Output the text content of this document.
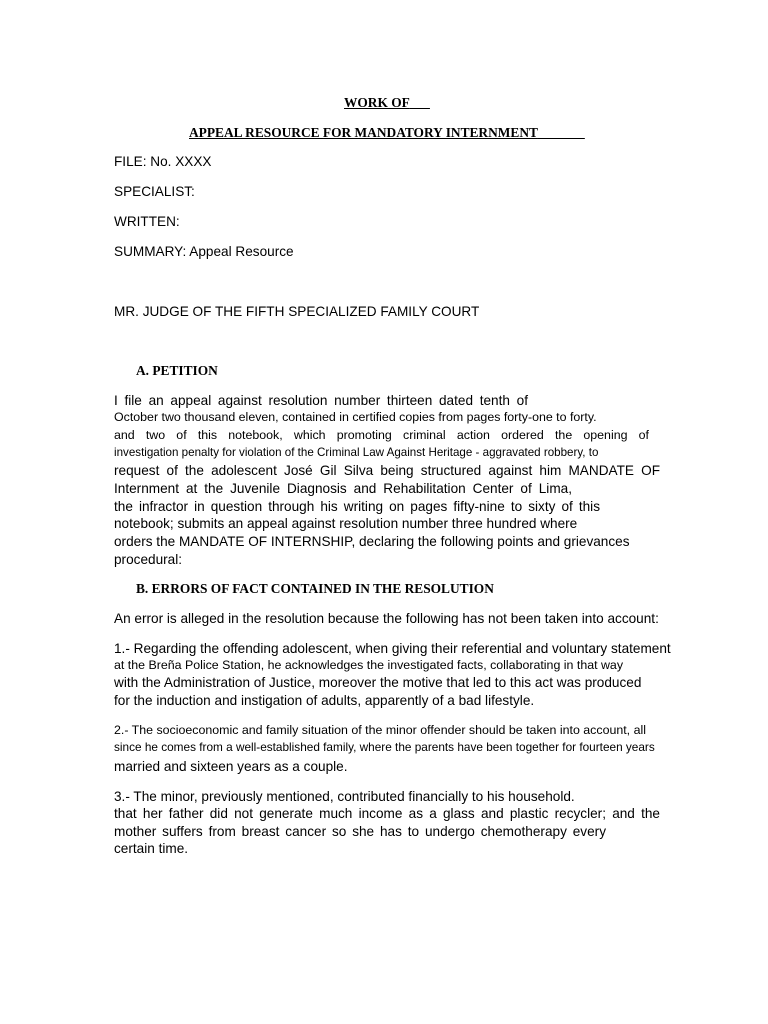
WORK OF
APPEAL RESOURCE FOR MANDATORY INTERNMENT
FILE: No. XXXX
SPECIALIST:
WRITTEN:
SUMMARY: Appeal Resource
MR. JUDGE OF THE FIFTH SPECIALIZED FAMILY COURT
A. PETITION
I file an appeal against resolution number thirteen dated tenth of
October two thousand eleven, contained in certified copies from pages forty-one to forty.
and two of this notebook, which promoting criminal action ordered the opening of
investigation penalty for violation of the Criminal Law Against Heritage - aggravated robbery, to
request of the adolescent José Gil Silva being structured against him MANDATE OF
Internment at the Juvenile Diagnosis and Rehabilitation Center of Lima,
the infractor in question through his writing on pages fifty-nine to sixty of this
notebook; submits an appeal against resolution number three hundred where
orders the MANDATE OF INTERNSHIP, declaring the following points and grievances
procedural:
B. ERRORS OF FACT CONTAINED IN THE RESOLUTION
An error is alleged in the resolution because the following has not been taken into account:
1.- Regarding the offending adolescent, when giving their referential and voluntary statement
at the Breña Police Station, he acknowledges the investigated facts, collaborating in that way
with the Administration of Justice, moreover the motive that led to this act was produced
for the induction and instigation of adults, apparently of a bad lifestyle.
2.- The socioeconomic and family situation of the minor offender should be taken into account, all
since he comes from a well-established family, where the parents have been together for fourteen years
married and sixteen years as a couple.
3.- The minor, previously mentioned, contributed financially to his household.
that her father did not generate much income as a glass and plastic recycler; and the
mother suffers from breast cancer so she has to undergo chemotherapy every
certain time.
